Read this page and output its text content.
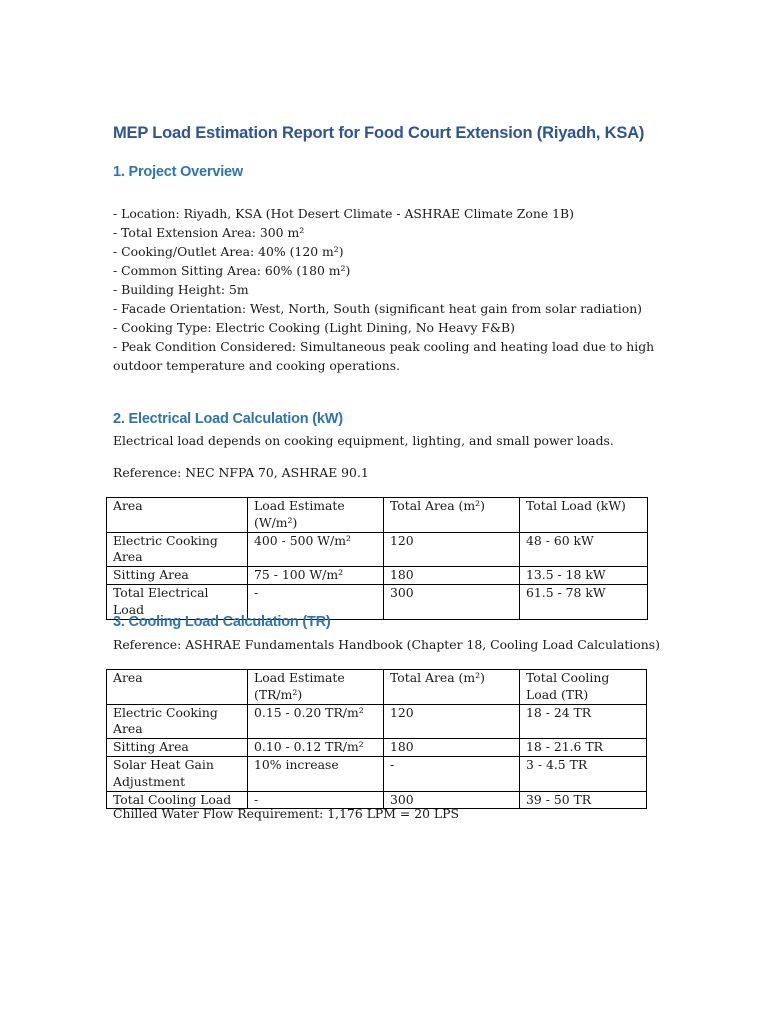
MEP Load Estimation Report for Food Court Extension (Riyadh, KSA)
1. Project Overview

- Location: Riyadh, KSA (Hot Desert Climate - ASHRAE Climate Zone 1B)

- Total Extension Area: 300 m²

- Cooking/Outlet Area: 40% (120 m²)

- Common Sitting Area: 60% (180 m²)

- Building Height: 5m

- Facade Orientation: West, North, South (significant heat gain from solar radiation)

- Cooking Type: Electric Cooking (Light Dining, No Heavy F&B)

- Peak Condition Considered: Simultaneous peak cooling and heating load due to high

outdoor temperature and cooking operations.

2. Electrical Load Calculation (kW)

Electrical load depends on cooking equipment, lighting, and small power loads.

Reference: NEC NFPA 70, ASHRAE 90.1

Area	Load Estimate (W/m²)	Total Area (m²)	Total Load (kW)
Electric Cooking Area	400 - 500 W/m²	120	48 - 60 kW
Sitting Area	75 - 100 W/m²	180	13.5 - 18 kW
Total Electrical Load	-	300	61.5 - 78 kW
3. Cooling Load Calculation (TR)

Reference: ASHRAE Fundamentals Handbook (Chapter 18, Cooling Load Calculations)

Area	Load Estimate (TR/m²)	Total Area (m²)	Total Cooling Load (TR)
Electric Cooking Area	0.15 - 0.20 TR/m²	120	18 - 24 TR
Sitting Area	0.10 - 0.12 TR/m²	180	18 - 21.6 TR
Solar Heat Gain Adjustment	10% increase	-	3 - 4.5 TR
Total Cooling Load	-	300	39 - 50 TR

Chilled Water Flow Requirement: 1,176 LPM = 20 LPS
